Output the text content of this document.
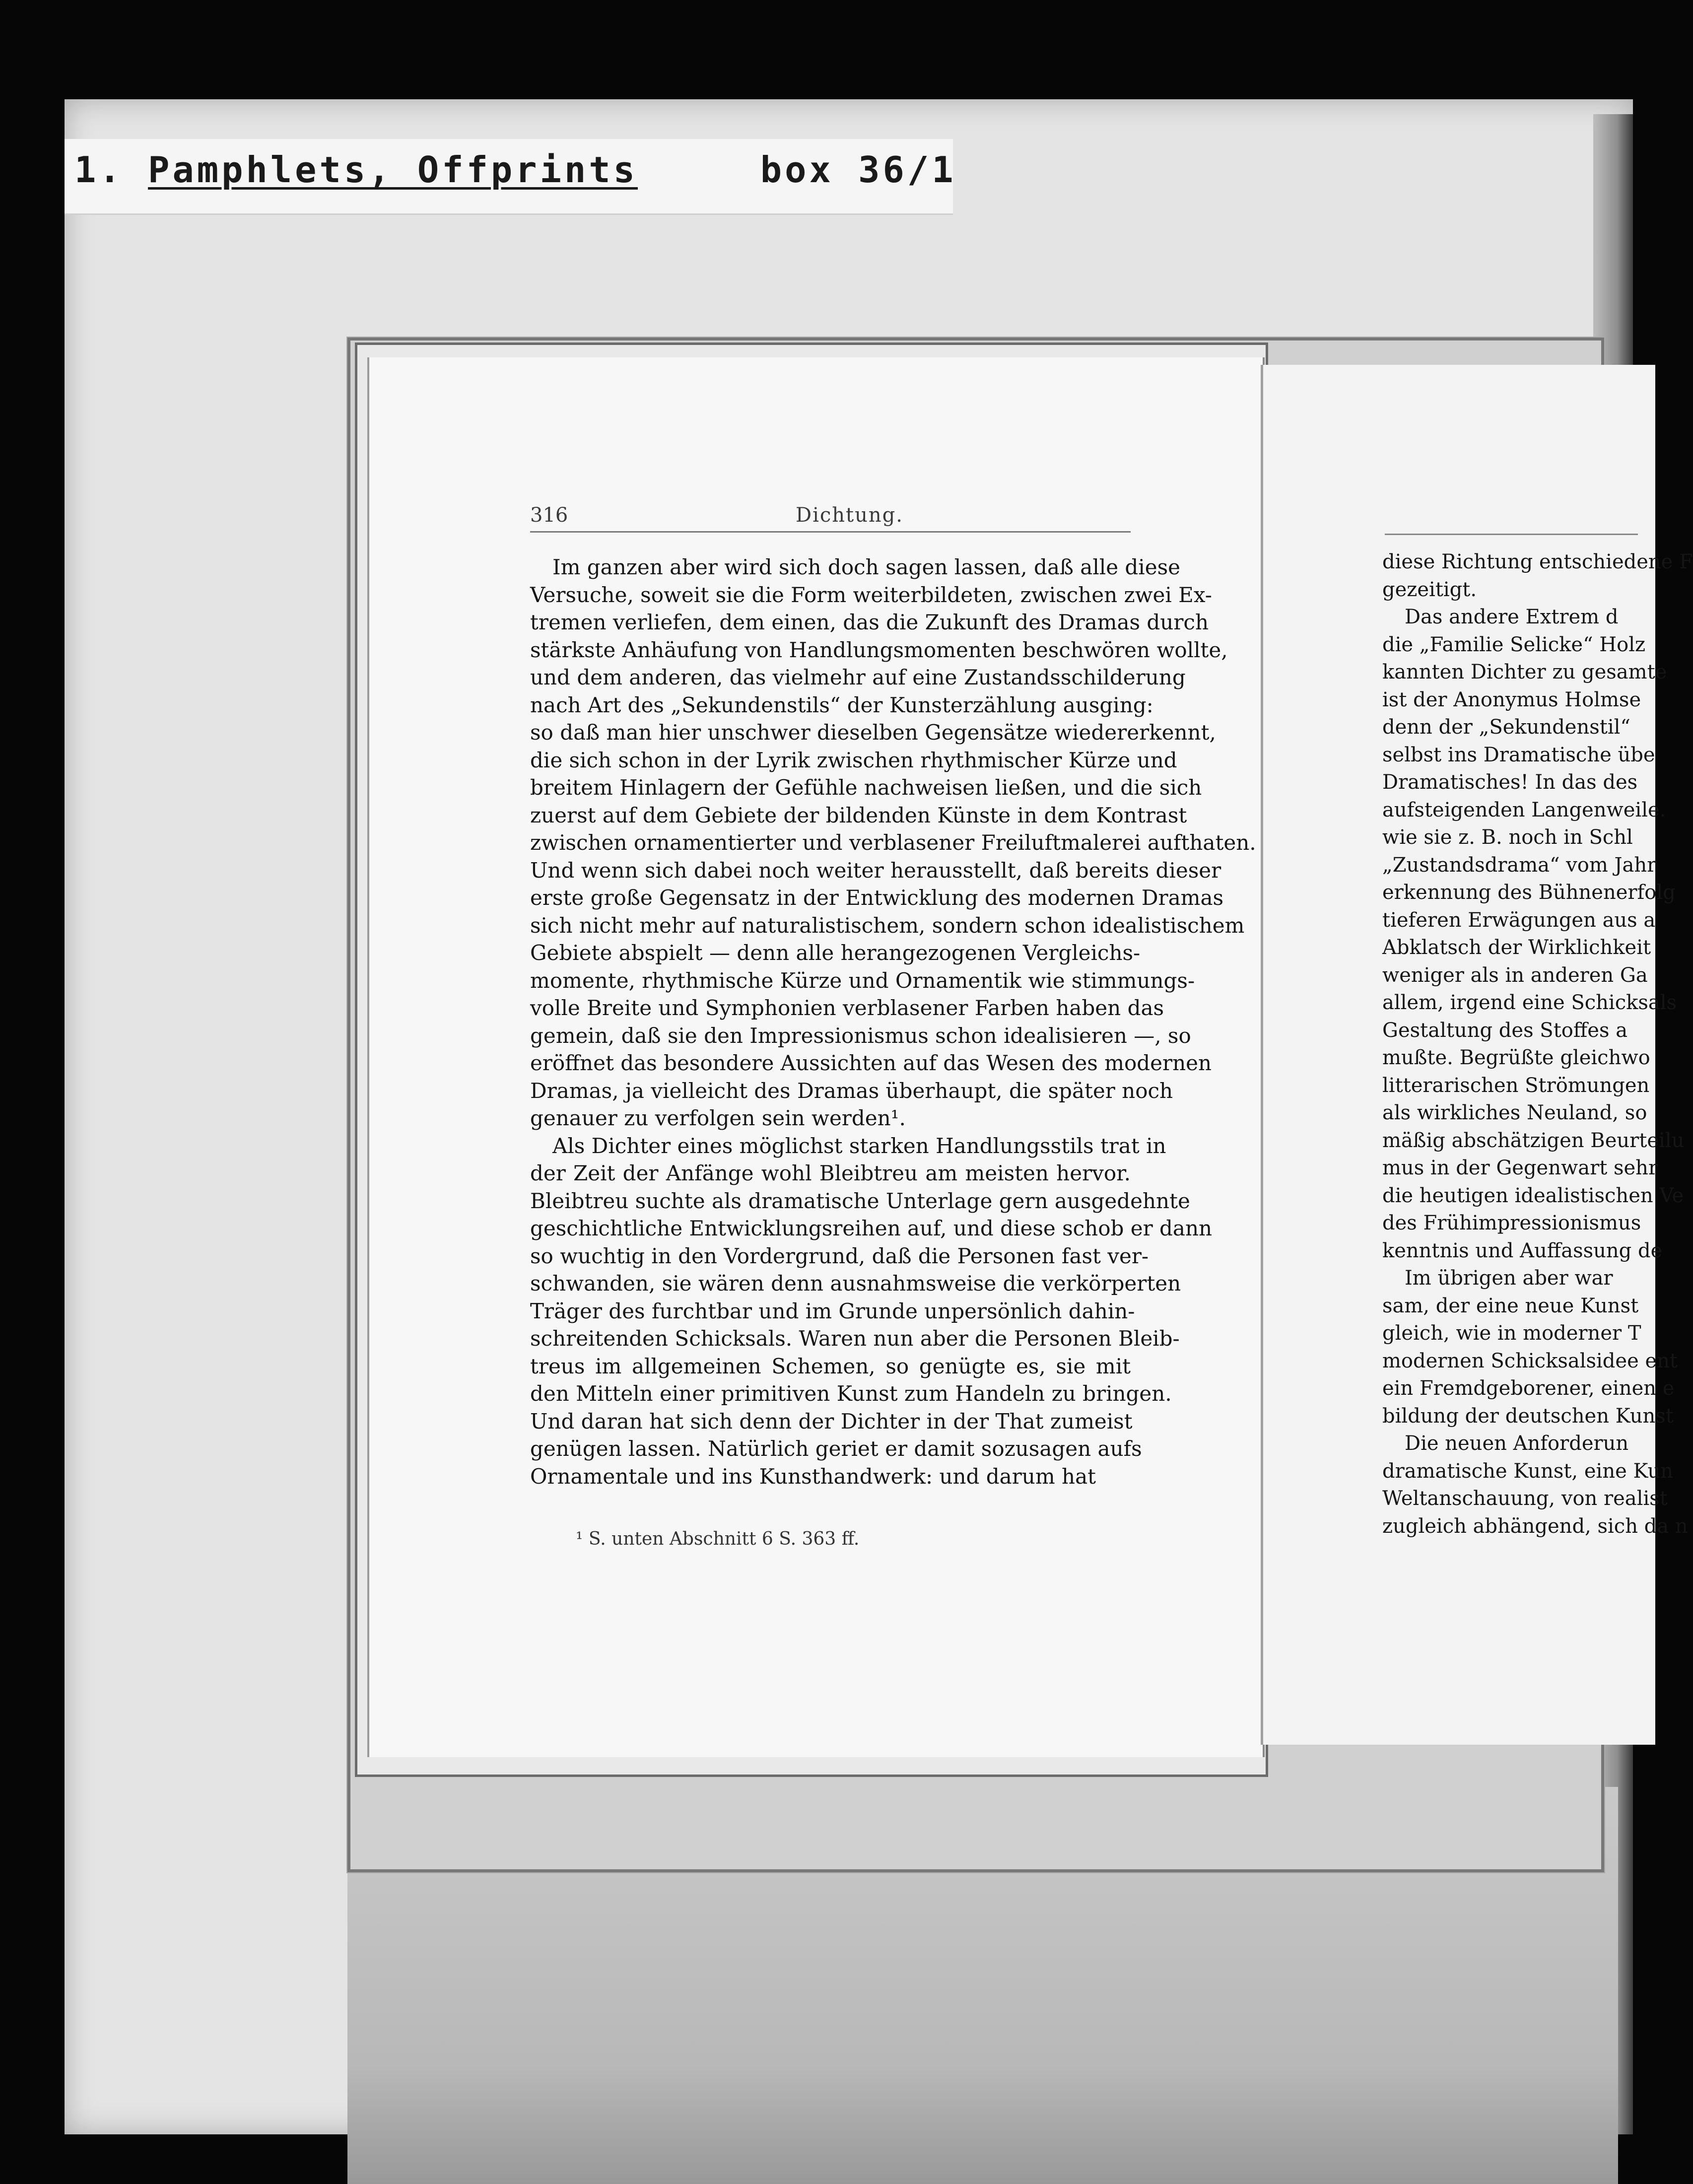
1. Pamphlets, Offprints	box 36/1
316	Dichtung.
Im ganzen aber wird sich doch sagen lassen, daß alle diese
Versuche, soweit sie die Form weiterbildeten, zwischen zwei Ex-
tremen verliefen, dem einen, das die Zukunft des Dramas durch
stärkste Anhäufung von Handlungsmomenten beschwören wollte,
und dem anderen, das vielmehr auf eine Zustandsschilderung
nach Art des „Sekundenstils“ der Kunsterzählung ausging:
so daß man hier unschwer dieselben Gegensätze wiedererkennt,
die sich schon in der Lyrik zwischen rhythmischer Kürze und
breitem Hinlagern der Gefühle nachweisen ließen, und die sich
zuerst auf dem Gebiete der bildenden Künste in dem Kontrast
zwischen ornamentierter und verblasener Freiluftmalerei aufthaten.
Und wenn sich dabei noch weiter herausstellt, daß bereits dieser
erste große Gegensatz in der Entwicklung des modernen Dramas
sich nicht mehr auf naturalistischem, sondern schon idealistischem
Gebiete abspielt — denn alle herangezogenen Vergleichs-
momente, rhythmische Kürze und Ornamentik wie stimmungs-
volle Breite und Symphonien verblasener Farben haben das
gemein, daß sie den Impressionismus schon idealisieren —, so
eröffnet das besondere Aussichten auf das Wesen des modernen
Dramas, ja vielleicht des Dramas überhaupt, die später noch
genauer zu verfolgen sein werden¹.
Als Dichter eines möglichst starken Handlungsstils trat in
der Zeit der Anfänge wohl Bleibtreu am meisten hervor.
Bleibtreu suchte als dramatische Unterlage gern ausgedehnte
geschichtliche Entwicklungsreihen auf, und diese schob er dann
so wuchtig in den Vordergrund, daß die Personen fast ver-
schwanden, sie wären denn ausnahmsweise die verkörperten
Träger des furchtbar und im Grunde unpersönlich dahin-
schreitenden Schicksals. Waren nun aber die Personen Bleib-
treus im allgemeinen Schemen, so genügte es, sie mit
den Mitteln einer primitiven Kunst zum Handeln zu bringen.
Und daran hat sich denn der Dichter in der That zumeist
genügen lassen. Natürlich geriet er damit sozusagen aufs
Ornamentale und ins Kunsthandwerk: und darum hat
¹ S. unten Abschnitt 6 S. 363 ff.
diese Richtung entschiedene F
gezeitigt.
Das andere Extrem d
die „Familie Selicke“ Holz
kannten Dichter zu gesamte
ist der Anonymus Holmse
denn der „Sekundenstil“
selbst ins Dramatische übe
Dramatisches! In das des
aufsteigenden Langenweile.
wie sie z. B. noch in Schl
„Zustandsdrama“ vom Jahr
erkennung des Bühnenerfolg
tieferen Erwägungen aus a
Abklatsch der Wirklichkeit
weniger als in anderen Ga
allem, irgend eine Schicksals
Gestaltung des Stoffes a
mußte. Begrüßte gleichwo
litterarischen Strömungen
als wirkliches Neuland, so
mäßig abschätzigen Beurteilu
mus in der Gegenwart sehr
die heutigen idealistischen Ve
des Frühimpressionismus
kenntnis und Auffassung de
Im übrigen aber war
sam, der eine neue Kunst
gleich, wie in moderner T
modernen Schicksalsidee ent
ein Fremdgeborener, einen e
bildung der deutschen Kunst
Die neuen Anforderun
dramatische Kunst, eine Kun
Weltanschauung, von realist
zugleich abhängend, sich da n
